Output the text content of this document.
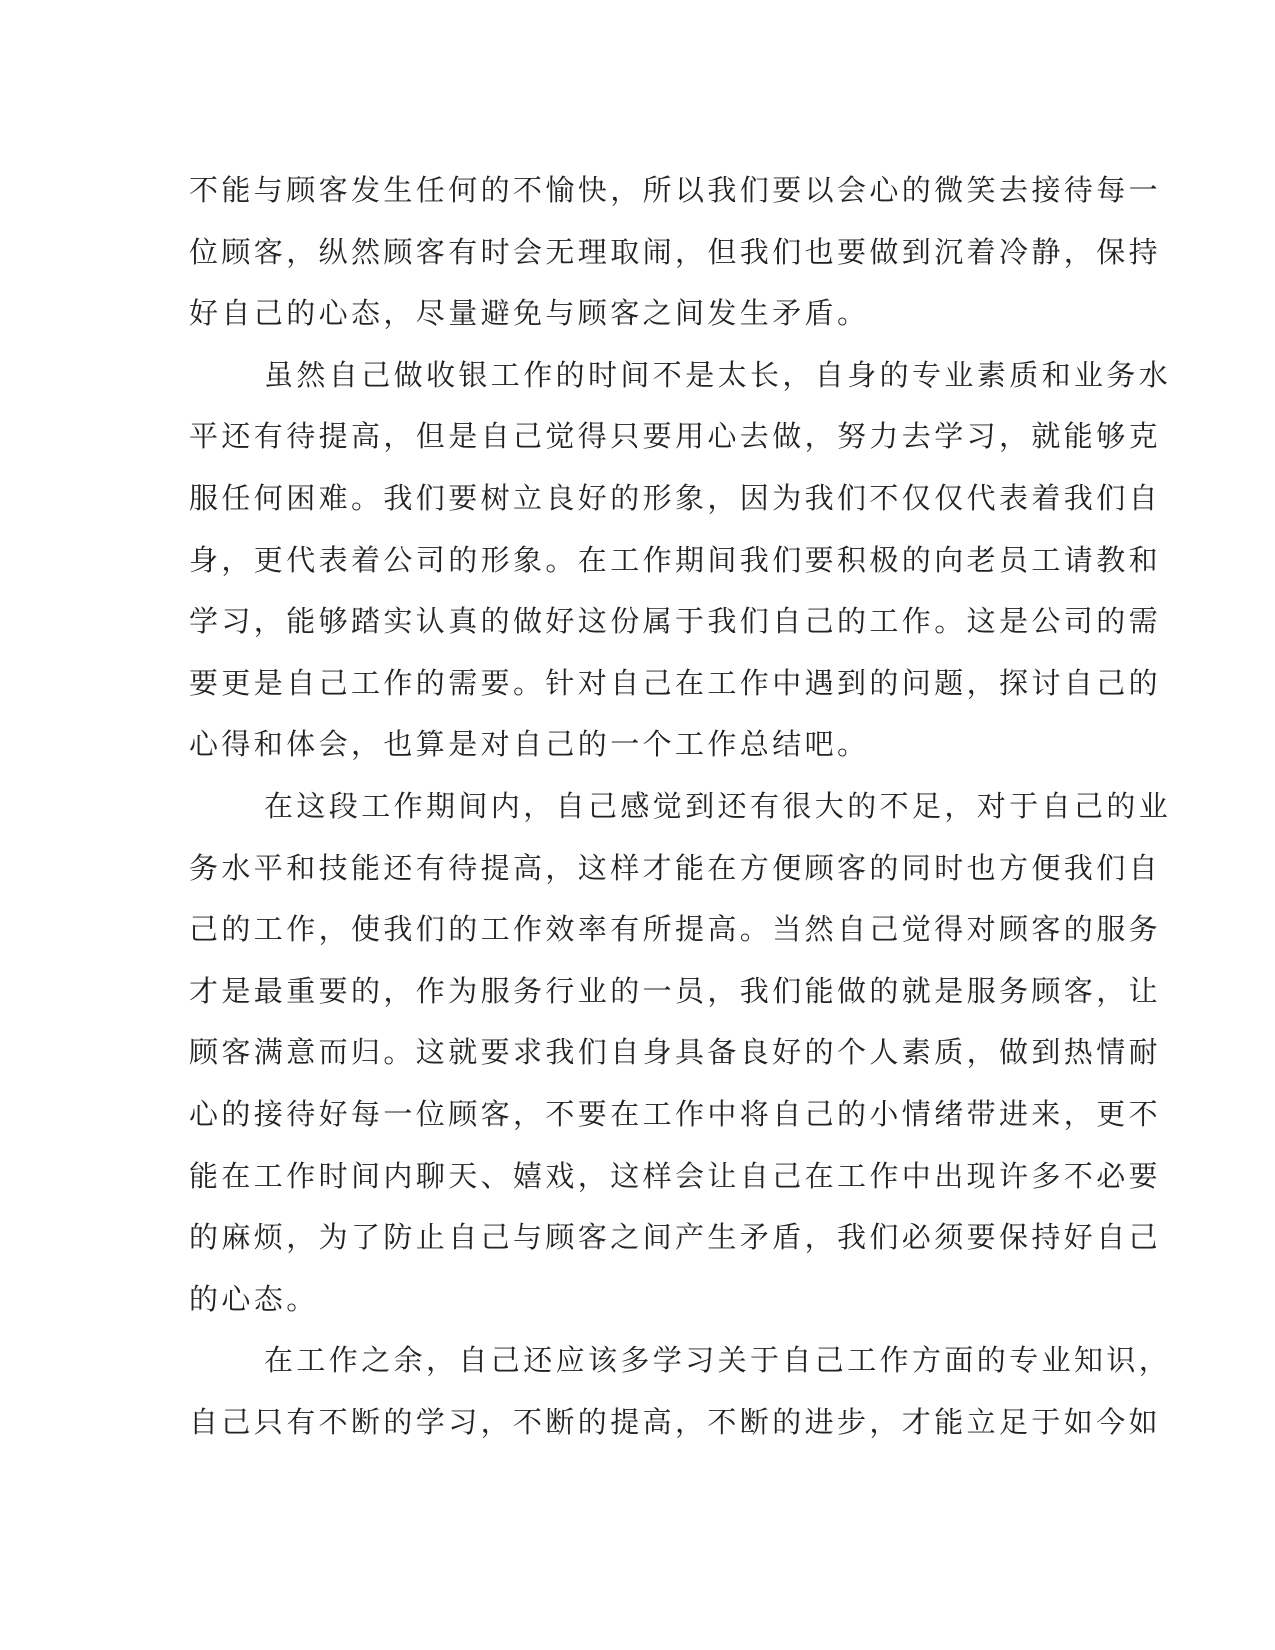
不能与顾客发生任何的不愉快，所以我们要以会心的微笑去接待每一
位顾客，纵然顾客有时会无理取闹，但我们也要做到沉着冷静，保持
好自己的心态，尽量避免与顾客之间发生矛盾。
虽然自己做收银工作的时间不是太长，自身的专业素质和业务水
平还有待提高，但是自己觉得只要用心去做，努力去学习，就能够克
服任何困难。我们要树立良好的形象，因为我们不仅仅代表着我们自
身，更代表着公司的形象。在工作期间我们要积极的向老员工请教和
学习，能够踏实认真的做好这份属于我们自己的工作。这是公司的需
要更是自己工作的需要。针对自己在工作中遇到的问题，探讨自己的
心得和体会，也算是对自己的一个工作总结吧。
在这段工作期间内，自己感觉到还有很大的不足，对于自己的业
务水平和技能还有待提高，这样才能在方便顾客的同时也方便我们自
己的工作，使我们的工作效率有所提高。当然自己觉得对顾客的服务
才是最重要的，作为服务行业的一员，我们能做的就是服务顾客，让
顾客满意而归。这就要求我们自身具备良好的个人素质，做到热情耐
心的接待好每一位顾客，不要在工作中将自己的小情绪带进来，更不
能在工作时间内聊天、嬉戏，这样会让自己在工作中出现许多不必要
的麻烦，为了防止自己与顾客之间产生矛盾，我们必须要保持好自己
的心态。
在工作之余，自己还应该多学习关于自己工作方面的专业知识，
自己只有不断的学习，不断的提高，不断的进步，才能立足于如今如
